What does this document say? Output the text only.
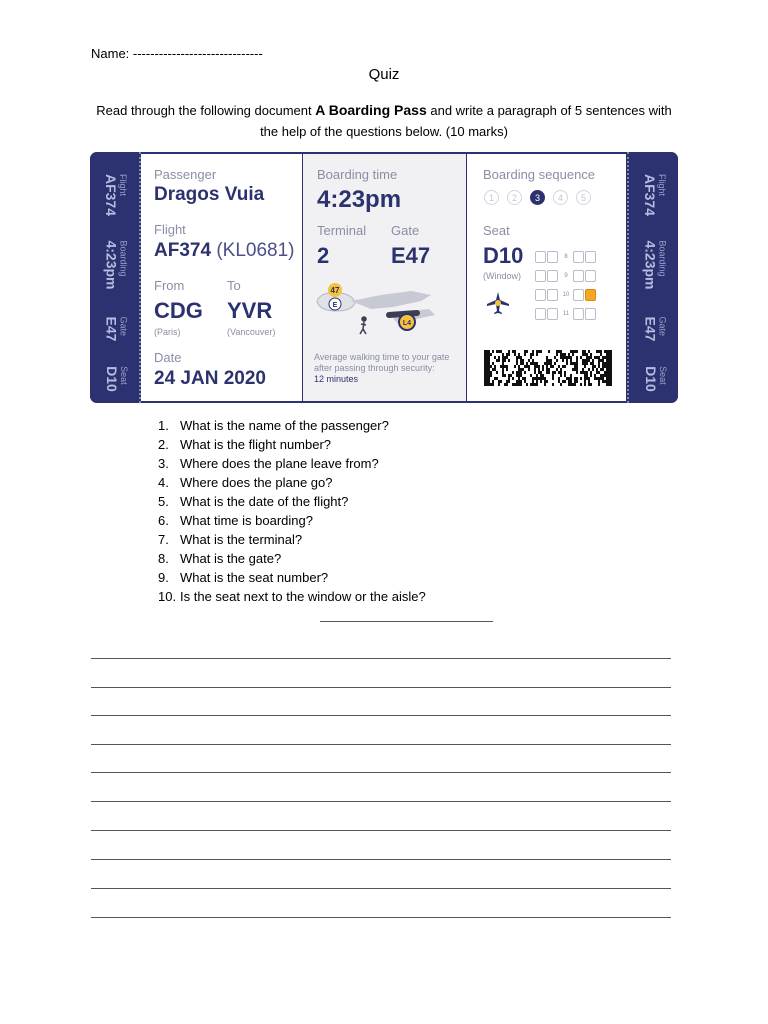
Name: ------------------------------
Quiz
Read through the following document A Boarding Pass and write a paragraph of 5 sentences with the help of the questions below. (10 marks)
Flight
AF374
Boarding
4:23pm
Gate
E47
Seat
D10
Passenger
Dragos Vuia
Flight
AF374 (KL0681)
From
CDG
(Paris)
To
YVR
(Vancouver)
Date
24 JAN 2020
Boarding time
4:23pm
Terminal
2
Gate
E47
47
E
L4
Average walking time to your gate
after passing through security:
12 minutes
Boarding sequence
1	2	3	4	5
Seat
D10
(Window)
8
9
10
11
Flight
AF374
Boarding
4:23pm
Gate
E47
Seat
D10
1. What is the name of the passenger?
2. What is the flight number?
3. Where does the plane leave from?
4. Where does the plane go?
5. What is the date of the flight?
6. What time is boarding?
7. What is the terminal?
8. What is the gate?
9. What is the seat number?
10. Is the seat next to the window or the aisle?
